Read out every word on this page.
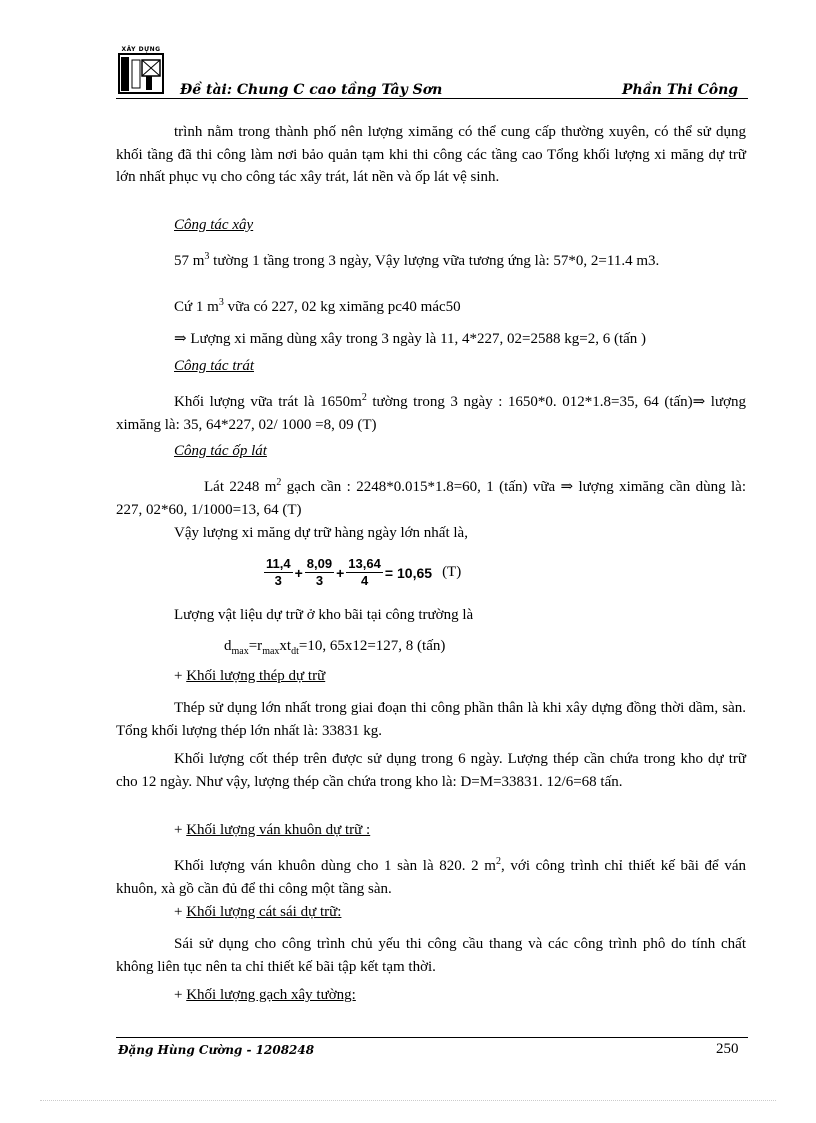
XÂY DỰNG
Đề tài: Chung C cao tầng Tây Sơn	Phần Thi Công

trình nằm trong thành phố nên lượng ximăng có thể cung cấp thường xuyên, có thể sử dụng khối tầng đã thi công làm nơi bảo quản tạm khi thi công các tầng cao Tổng khối lượng xi măng dự trữ lớn nhất phục vụ cho công tác xây trát, lát nền và ốp lát vệ sinh.

Công tác xây

57 $m^3$ tường 1 tầng trong 3 ngày, Vậy lượng vữa tương ứng là: 57*0, 2=11.4 m3.

Cứ 1 $m^3$ vữa có 227, 02 kg ximăng pc40 mác50
⇒ Lượng xi măng dùng xây trong 3 ngày là 11, 4*227, 02=2588 kg=2, 6 (tấn )
Công tác trát

Khối lượng vữa trát là $1650m^2$ tường trong 3 ngày : 1650*0. 012*1.8=35, 64 (tấn)⇒ lượng ximăng là: 35, 64*227, 02/ 1000 =8, 09 (T)

Công tác ốp lát

Lát 2248 $m^2$ gạch cần : 2248*0.015*1.8=60, 1 (tấn) vữa ⇒ lượng ximăng cần dùng là: 227, 02*60, 1/1000=13, 64 (T)

Vậy lượng xi măng dự trữ hàng ngày lớn nhất là,
$\frac{11,4}{3} + \frac{8,09}{3} + \frac{13,64}{4} = 10,65$ (T)
Lượng vật liệu dự trữ ở kho bãi tại công trường là
$d_{max}=r_{max}xt_{dt}=10$, 65x12=127, 8 (tấn)
+ Khối lượng thép dự trữ

Thép sử dụng lớn nhất trong giai đoạn thi công phần thân là khi xây dựng đồng thời dầm, sàn. Tổng khối lượng thép lớn nhất là: 33831 kg.

Khối lượng cốt thép trên được sử dụng trong 6 ngày. Lượng thép cần chứa trong kho dự trữ cho 12 ngày. Như vậy, lượng thép cần chứa trong kho là: D=M=33831. 12/6=68 tấn.

+ Khối lượng ván khuôn dự trữ :

Khối lượng ván khuôn dùng cho 1 sàn là 820. 2 $m^2$, với công trình chỉ thiết kế bãi để ván khuôn, xà gồ cần đủ để thi công một tầng sàn.

+ Khối lượng cát sái dự trữ:

Sái sử dụng cho công trình chủ yếu thi công cầu thang và các công trình phô do tính chất không liên tục nên ta chỉ thiết kế bãi tập kết tạm thời.

+ Khối lượng gạch xây tường:
Đặng Hùng Cường - 1208248	250
